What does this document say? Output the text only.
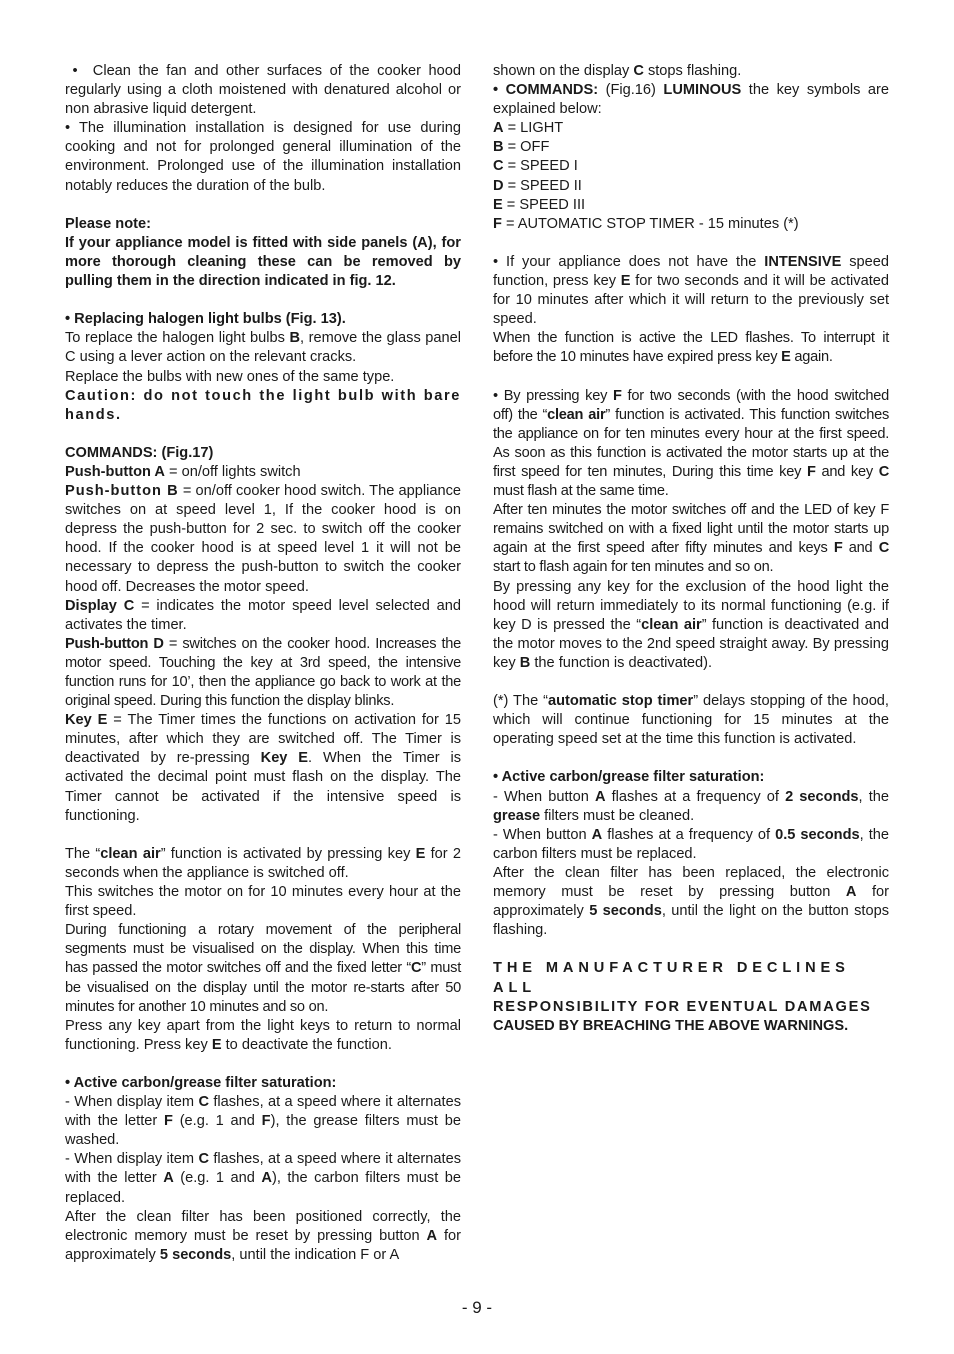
•  Clean the fan and other surfaces of the cooker hood regularly using a cloth moistened with denatured alcohol or non abrasive liquid detergent.

• The illumination installation is designed for use during cooking and not for prolonged general illumination of the environment. Prolonged use of the illumination installation notably reduces the duration of the bulb.

Please note:

If your appliance model is fitted with side panels (A), for more thorough cleaning these can be removed by pulling them in the direction indicated in fig. 12.

• Replacing halogen light bulbs (Fig. 13).

To replace the halogen light bulbs B, remove the glass panel C using a lever action on the relevant cracks.

Replace the bulbs with new ones of the same type.

Caution: do not touch the light bulb with bare hands.

COMMANDS: (Fig.17)

Push-button A = on/off lights switch

Push-button B = on/off cooker hood switch. The appliance switches on at speed level 1, If the cooker hood is on depress the push-button for 2 sec. to switch off the cooker hood. If the cooker hood is at speed level 1 it will not be necessary to depress the push-button to switch the cooker hood off. Decreases the motor speed.

Display C = indicates the motor speed level selected and activates the timer.

Push-button D = switches on the cooker hood. Increases the motor speed. Touching the key at 3rd speed, the intensive function runs for 10’, then the appliance go back to work at the original speed. During this function the display blinks.

Key E = The Timer times the functions on activation for 15 minutes, after which they are switched off. The Timer is deactivated by re-pressing Key E. When the Timer is activated the decimal point must flash on the display. The Timer cannot be activated if the intensive speed is functioning.

The “clean air” function is activated by pressing key E for 2 seconds when the appliance is switched off.

This switches the motor on for 10 minutes every hour at the first speed.

During functioning a rotary movement of the peripheral segments must be visualised on the display. When this time has passed the motor switches off and the fixed letter “C” must be visualised on the display until the motor re-starts after 50 minutes for another 10 minutes and so on.

Press any key apart from the light keys to return to normal functioning. Press key E to deactivate the function.

• Active carbon/grease filter saturation:

- When display item C flashes, at a speed where it alternates with the letter F (e.g. 1 and F), the grease filters must be washed.

- When display item C flashes, at a speed where it alternates with the letter A (e.g. 1 and A), the carbon filters must be replaced.

After the clean filter has been positioned correctly, the electronic memory must be reset by pressing button A for approximately 5 seconds, until the indication F or A

shown on the display C stops flashing.

• COMMANDS: (Fig.16) LUMINOUS the key symbols are explained below:

A = LIGHT

B = OFF

C = SPEED I

D = SPEED II

E = SPEED III

F = AUTOMATIC STOP TIMER - 15 minutes (*)

• If your appliance does not have the INTENSIVE speed function, press key E for two seconds and it will be activated for 10 minutes after which it will return to the previously set speed.

When the function is active the LED flashes. To interrupt it before the 10 minutes have expired press key E again.

• By pressing key F for two seconds (with the hood switched off) the “clean air” function is activated. This function switches the appliance on for ten minutes every hour at the first speed. As soon as this function is activated the motor starts up at the first speed for ten minutes, During this time key F and key C must flash at the same time.

After ten minutes the motor switches off and the LED of key F remains switched on with a fixed light until the motor starts up again at the first speed after fifty minutes and keys F and C start to flash again for ten minutes and so on.

By pressing any key for the exclusion of the hood light the hood will return immediately to its normal functioning (e.g. if key D is pressed the “clean air” function is deactivated and the motor moves to the 2nd speed straight away. By pressing key B the function is deactivated).

(*) The “automatic stop timer” delays stopping of the hood, which will continue functioning for 15 minutes at the operating speed set at the time this function is activated.

• Active carbon/grease filter saturation:

- When button A flashes at a frequency of 2 seconds, the grease filters must be cleaned.

- When button A flashes at a frequency of 0.5 seconds, the carbon filters must be replaced.

After the clean filter has been replaced, the electronic memory must be reset by pressing button A for approximately 5 seconds, until the light on the button stops flashing.

THE MANUFACTURER DECLINES ALL

RESPONSIBILITY FOR EVENTUAL DAMAGES

CAUSED BY BREACHING THE ABOVE WARNINGS.

- 9 -
